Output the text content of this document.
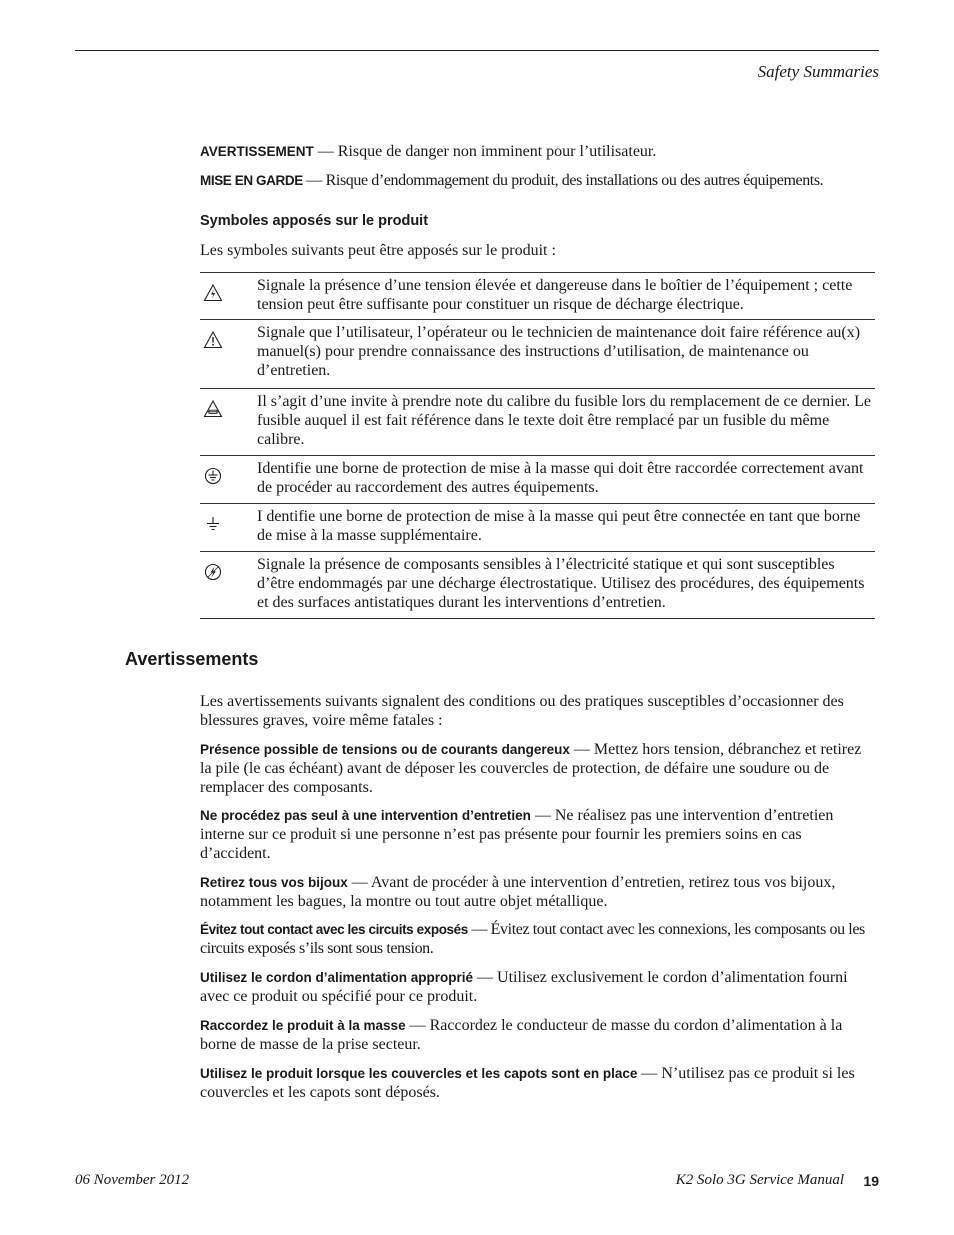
Safety Summaries
AVERTISSEMENT — Risque de danger non imminent pour l’utilisateur.
MISE EN GARDE — Risque d’endommagement du produit, des installations ou des autres équipements.
Symboles apposés sur le produit
Les symboles suivants peut être apposés sur le produit :
Signale la présence d’une tension élevée et dangereuse dans le boîtier de l’équipement ; cette tension peut être suffisante pour constituer un risque de décharge électrique.
Signale que l’utilisateur, l’opérateur ou le technicien de maintenance doit faire référence au(x) manuel(s) pour prendre connaissance des instructions d’utilisation, de maintenance ou d’entretien.
Il s’agit d’une invite à prendre note du calibre du fusible lors du remplacement de ce dernier. Le fusible auquel il est fait référence dans le texte doit être remplacé par un fusible du même calibre.
Identifie une borne de protection de mise à la masse qui doit être raccordée correctement avant de procéder au raccordement des autres équipements.
I dentifie une borne de protection de mise à la masse qui peut être connectée en tant que borne de mise à la masse supplémentaire.
Signale la présence de composants sensibles à l’électricité statique et qui sont susceptibles d’être endommagés par une décharge électrostatique. Utilisez des procédures, des équipements et des surfaces antistatiques durant les interventions d’entretien.
Avertissements
Les avertissements suivants signalent des conditions ou des pratiques susceptibles d’occasionner des blessures graves, voire même fatales :
Présence possible de tensions ou de courants dangereux — Mettez hors tension, débranchez et retirez la pile (le cas échéant) avant de déposer les couvercles de protection, de défaire une soudure ou de remplacer des composants.
Ne procédez pas seul à une intervention d’entretien — Ne réalisez pas une intervention d’entretien interne sur ce produit si une personne n’est pas présente pour fournir les premiers soins en cas d’accident.
Retirez tous vos bijoux — Avant de procéder à une intervention d’entretien, retirez tous vos bijoux, notamment les bagues, la montre ou tout autre objet métallique.
Évitez tout contact avec les circuits exposés — Évitez tout contact avec les connexions, les composants ou les circuits exposés s’ils sont sous tension.
Utilisez le cordon d’alimentation approprié — Utilisez exclusivement le cordon d’alimentation fourni avec ce produit ou spécifié pour ce produit.
Raccordez le produit à la masse — Raccordez le conducteur de masse du cordon d’alimentation à la borne de masse de la prise secteur.
Utilisez le produit lorsque les couvercles et les capots sont en place — N’utilisez pas ce produit si les couvercles et les capots sont déposés.
06 November 2012	K2 Solo 3G Service Manual 19
